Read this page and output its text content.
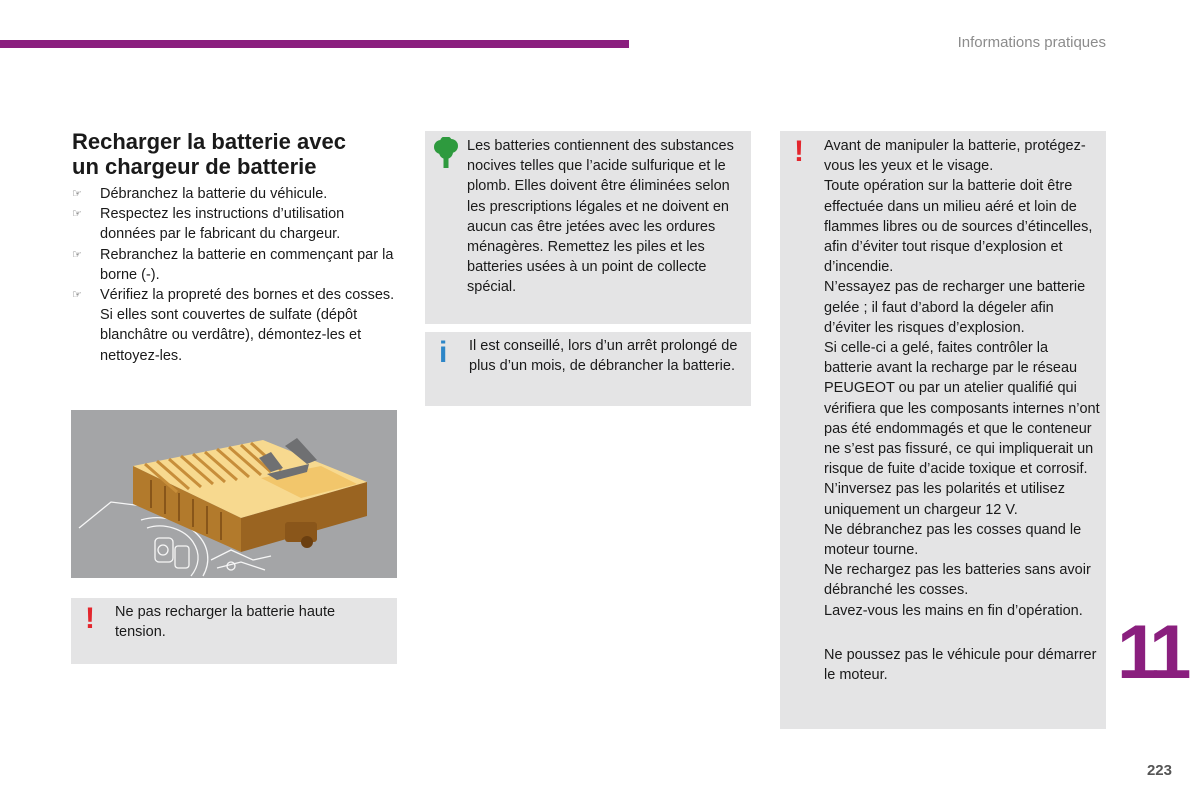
Informations pratiques
Recharger la batterie avec
un chargeur de batterie
☞ Débranchez la batterie du véhicule.
☞ Respectez les instructions d’utilisation données par le fabricant du chargeur.
☞ Rebranchez la batterie en commençant par la borne (-).
☞ Vérifiez la propreté des bornes et des cosses. Si elles sont couvertes de sulfate (dépôt blanchâtre ou verdâtre), démontez-les et nettoyez-les.
! Ne pas recharger la batterie haute tension.
Les batteries contiennent des substances nocives telles que l’acide sulfurique et le plomb. Elles doivent être éliminées selon les prescriptions légales et ne doivent en aucun cas être jetées avec les ordures ménagères. Remettez les piles et les batteries usées à un point de collecte spécial.
i Il est conseillé, lors d’un arrêt prolongé de plus d’un mois, de débrancher la batterie.
! Avant de manipuler la batterie, protégez-vous les yeux et le visage.

Toute opération sur la batterie doit être effectuée dans un milieu aéré et loin de flammes libres ou de sources d’étincelles, afin d’éviter tout risque d’explosion et d’incendie.

N’essayez pas de recharger une batterie gelée ; il faut d’abord la dégeler afin d’éviter les risques d’explosion.

Si celle-ci a gelé, faites contrôler la batterie avant la recharge par le réseau PEUGEOT ou par un atelier qualifié qui vérifiera que les composants internes n’ont pas été endommagés et que le conteneur ne s’est pas fissuré, ce qui impliquerait un risque de fuite d’acide toxique et corrosif.

N’inversez pas les polarités et utilisez uniquement un chargeur 12 V.

Ne débranchez pas les cosses quand le moteur tourne.

Ne rechargez pas les batteries sans avoir débranché les cosses.

Lavez-vous les mains en fin d’opération.

Ne poussez pas le véhicule pour démarrer le moteur.	11
223
